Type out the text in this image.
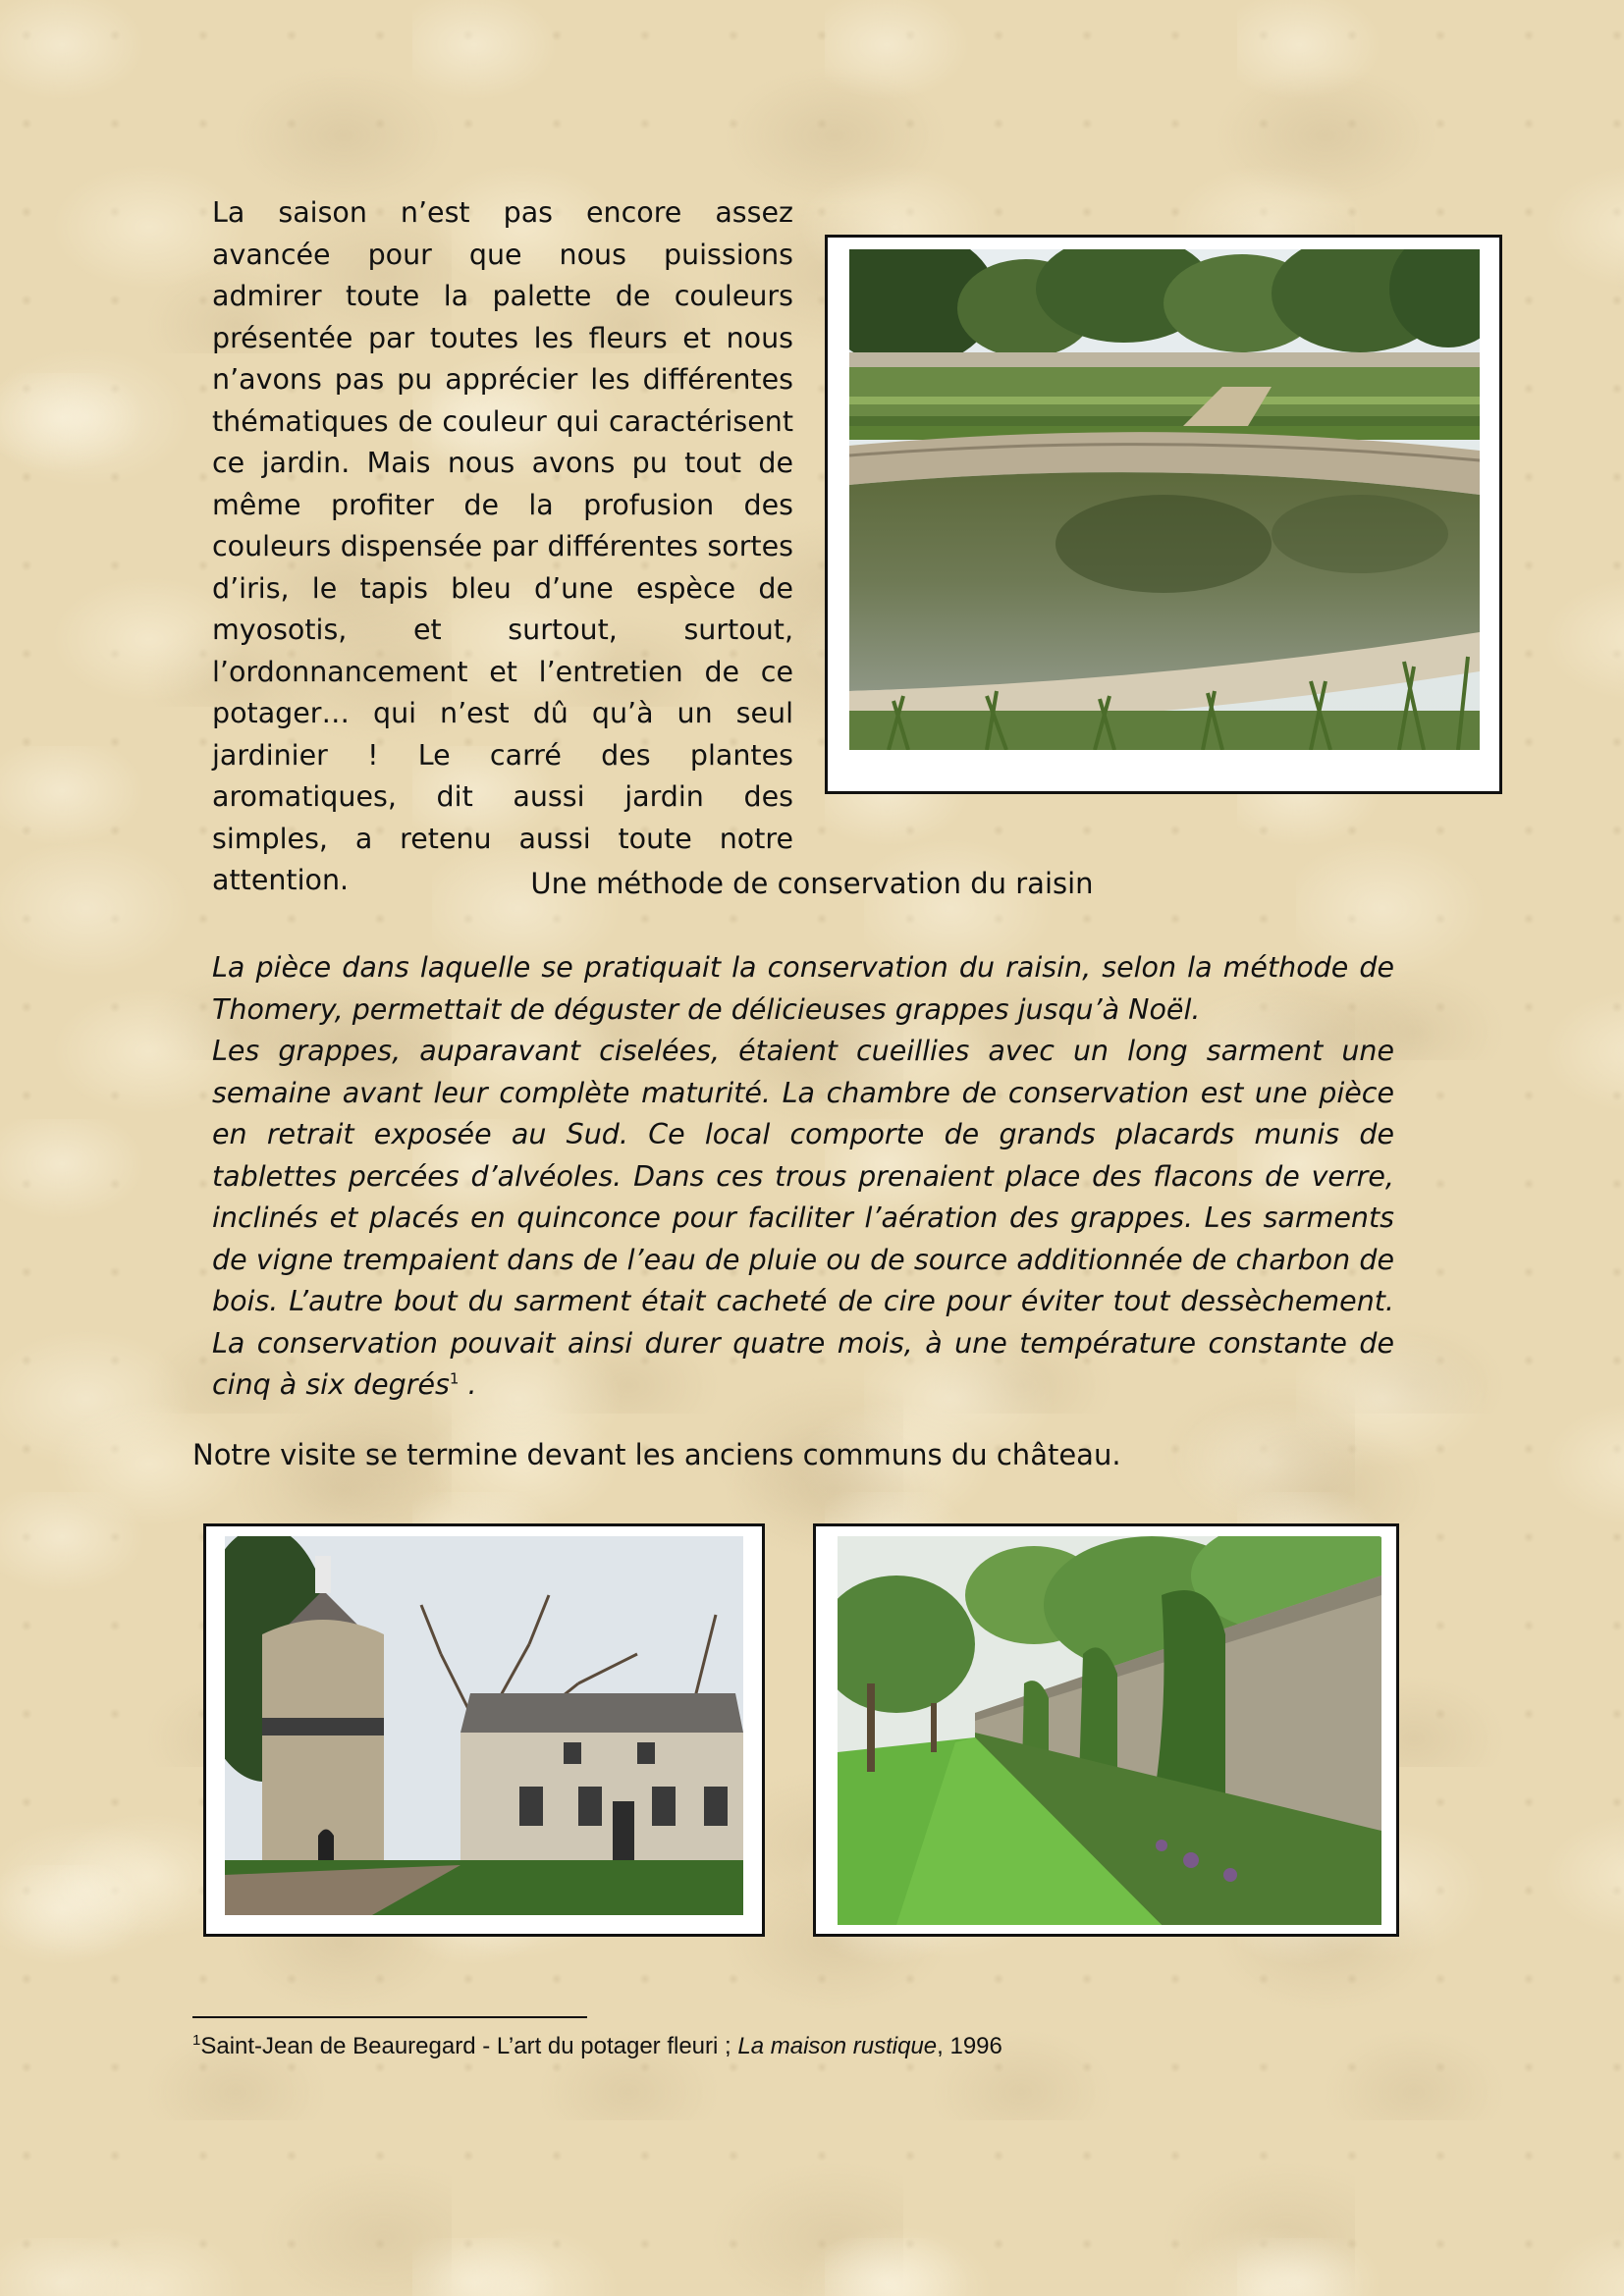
La saison n’est pas encore assez avancée pour que nous puissions admirer toute la palette de couleurs présentée par toutes les fleurs et nous n’avons pas pu apprécier les différentes thématiques de couleur qui caractérisent ce jardin. Mais nous avons pu tout de même profiter de la profusion des couleurs dispensée par différentes sortes d’iris, le tapis bleu d’une espèce de myosotis, et surtout, surtout, l’ordonnancement et l’entretien de ce potager… qui n’est dû qu’à un seul jardinier ! Le carré des plantes aromatiques, dit aussi jardin des simples, a retenu aussi toute notre attention.	Une méthode de conservation du raisin

La pièce dans laquelle se pratiquait la conservation du raisin, selon la méthode de Thomery, permettait de déguster de délicieuses grappes jusqu’à Noël.

Les grappes, auparavant ciselées, étaient cueillies avec un long sarment une semaine avant leur complète maturité. La chambre de conservation est une pièce en retrait exposée au Sud. Ce local comporte de grands placards munis de tablettes percées d’alvéoles. Dans ces trous prenaient place des flacons de verre, inclinés et placés en quinconce pour faciliter l’aération des grappes. Les sarments de vigne trempaient dans de l’eau de pluie ou de source additionnée de charbon de bois. L’autre bout du sarment était cacheté de cire pour éviter tout dessèchement. La conservation pouvait ainsi durer quatre mois, à une température constante de cinq à six degrés$^1$ .

Notre visite se termine devant les anciens communs du château.
$^1$Saint-Jean de Beauregard - L’art du potager fleuri ; La maison rustique, 1996
